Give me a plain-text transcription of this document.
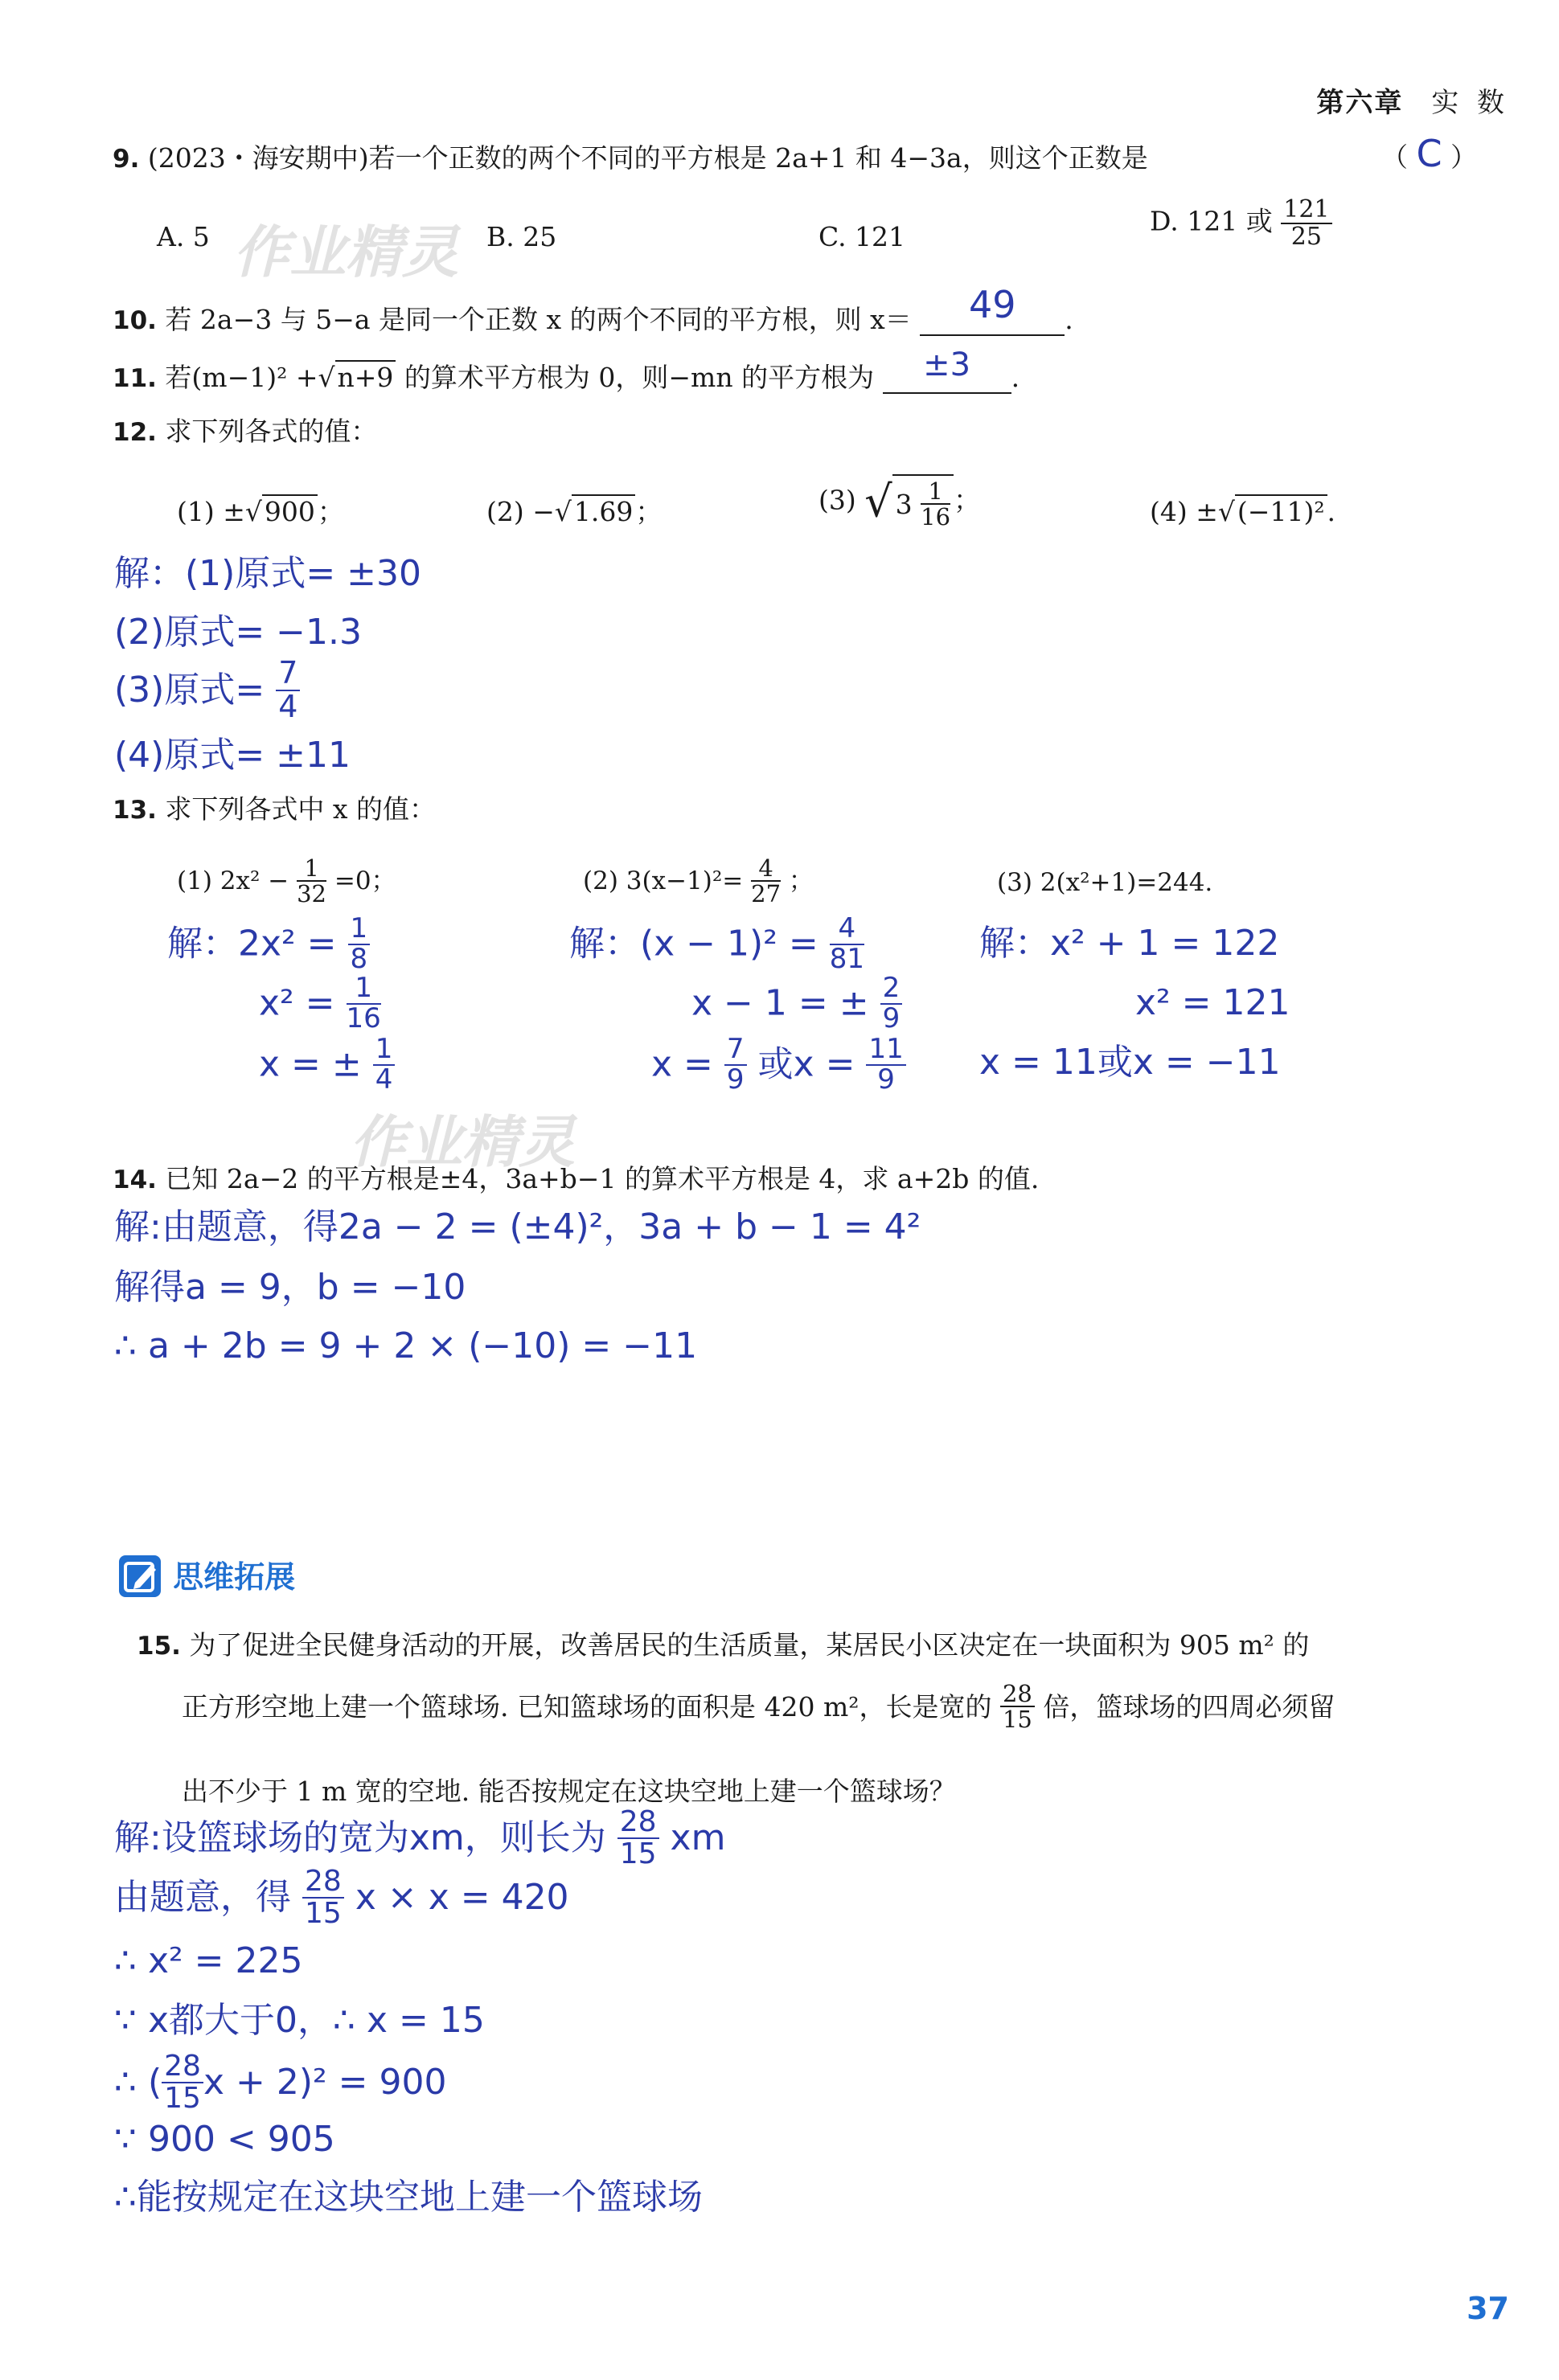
第六章 实 数
9. (2023・海安期中)若一个正数的两个不同的平方根是 2a+1 和 4−3a，则这个正数是	（ C ）
A. 5	B. 25	C. 121	D. 121 或 $\frac{121}{25}$
作业精灵
10. 若 2a−3 与 5−a 是同一个正数 x 的两个不同的平方根，则 x＝ 49 .
11. 若(m−1)² +√n+9 的算术平方根为 0，则−mn 的平方根为 ±3 .
12. 求下列各式的值：
(1) ±√900；	(2) −√1.69；	(3) √ $3 \frac{1}{16}$ ；	(4) ±√(−11)².
解：(1)原式= ±30
(2)原式= −1.3
(3)原式= $\frac{7}{4}$
(4)原式= ±11
13. 求下列各式中 x 的值：
(1) $2x^2 - \frac{1}{32} =0$；	(2) $3(x-1)^2= \frac{4}{27}$ ；	(3) 2(x²+1)=244.
解：$2x^2 = \frac{1}{8}$
$x^2 = \frac{1}{16}$
x = ± $\frac{1}{4}$
解：$(x - 1)^2 = \frac{4}{81}$
x − 1 = ± $\frac{2}{9}$
$x = \frac{7}{9}$ 或$x = \frac{11}{9}$
解：x² + 1 = 122
x² = 121
x = 11或x = −11
作业精灵
14. 已知 2a−2 的平方根是±4，3a+b−1 的算术平方根是 4，求 a+2b 的值.
解:由题意，得2a − 2 = (±4)²，3a + b − 1 = 4²
解得a = 9，b = −10
∴ a + 2b = 9 + 2 × (−10) = −11
思维拓展
15. 为了促进全民健身活动的开展，改善居民的生活质量，某居民小区决定在一块面积为 905 m² 的
正方形空地上建一个篮球场. 已知篮球场的面积是 420 m²，长是宽的 $\frac{28}{15}$ 倍，篮球场的四周必须留
出不少于 1 m 宽的空地. 能否按规定在这块空地上建一个篮球场？
解:设篮球场的宽为xm，则长为 $\frac{28}{15}$ xm
由题意，得 $\frac{28}{15}$ x × x = 420
∴ x² = 225
∵ x都大于0，∴ x = 15
∴ ( $\frac{28}{15}$ x + 2)² = 900
∵ 900 < 905
∴能按规定在这块空地上建一个篮球场
37
